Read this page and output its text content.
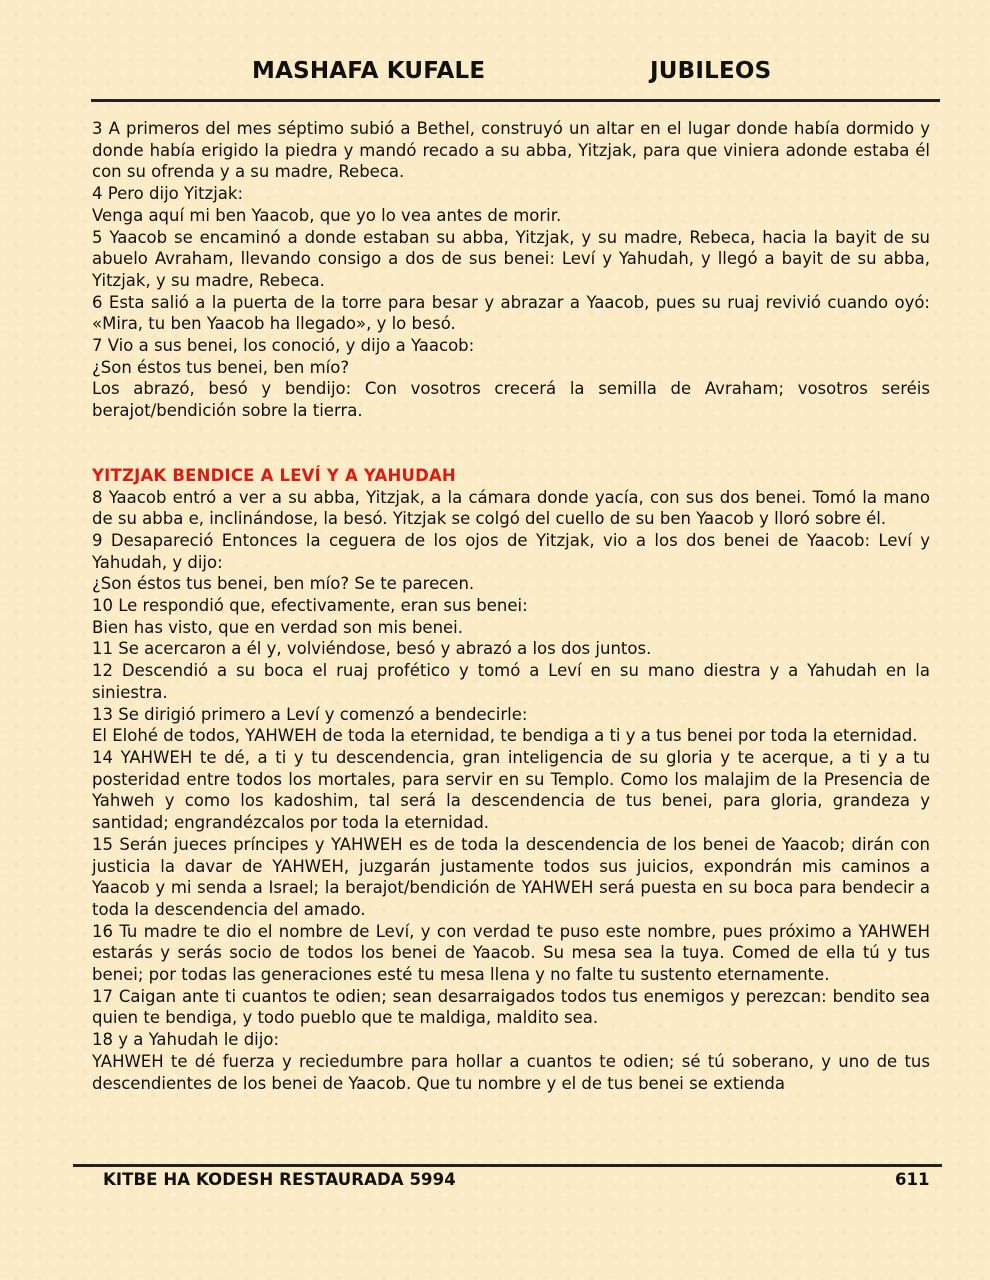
MASHAFA KUFALE	JUBILEOS

3 A primeros del mes séptimo subió a Bethel, construyó un altar en el lugar donde había dormido y donde había erigido la piedra y mandó recado a su abba, Yitzjak, para que viniera adonde estaba él con su ofrenda y a su madre, Rebeca.

4 Pero dijo Yitzjak:

Venga aquí mi ben Yaacob, que yo lo vea antes de morir.

5 Yaacob se encaminó a donde estaban su abba, Yitzjak, y su madre, Rebeca, hacia la bayit de su abuelo Avraham, llevando consigo a dos de sus benei: Leví y Yahudah, y llegó a bayit de su abba, Yitzjak, y su madre, Rebeca.

6 Esta salió a la puerta de la torre para besar y abrazar a Yaacob, pues su ruaj revivió cuando oyó: «Mira, tu ben Yaacob ha llegado», y lo besó.

7 Vio a sus benei, los conoció, y dijo a Yaacob:

¿Son éstos tus benei, ben mío?

Los abrazó, besó y bendijo: Con vosotros crecerá la semilla de Avraham; vosotros seréis berajot/bendición sobre la tierra.

YITZJAK BENDICE A LEVÍ Y A YAHUDAH

8 Yaacob entró a ver a su abba, Yitzjak, a la cámara donde yacía, con sus dos benei. Tomó la mano de su abba e, inclinándose, la besó. Yitzjak se colgó del cuello de su ben Yaacob y lloró sobre él.

9 Desapareció Entonces la ceguera de los ojos de Yitzjak, vio a los dos benei de Yaacob: Leví y Yahudah, y dijo:

¿Son éstos tus benei, ben mío? Se te parecen.

10 Le respondió que, efectivamente, eran sus benei:

Bien has visto, que en verdad son mis benei.

11 Se acercaron a él y, volviéndose, besó y abrazó a los dos juntos.

12 Descendió a su boca el ruaj profético y tomó a Leví en su mano diestra y a Yahudah en la siniestra.

13 Se dirigió primero a Leví y comenzó a bendecirle:

El Elohé de todos, YAHWEH de toda la eternidad, te bendiga a ti y a tus benei por toda la eternidad.

14 YAHWEH te dé, a ti y tu descendencia, gran inteligencia de su gloria y te acerque, a ti y a tu posteridad entre todos los mortales, para servir en su Templo. Como los malajim de la Presencia de Yahweh y como los kadoshim, tal será la descendencia de tus benei, para gloria, grandeza y santidad; engrandézcalos por toda la eternidad.

15 Serán jueces príncipes y YAHWEH es de toda la descendencia de los benei de Yaacob; dirán con justicia la davar de YAHWEH, juzgarán justamente todos sus juicios, expondrán mis caminos a Yaacob y mi senda a Israel; la berajot/bendición de YAHWEH será puesta en su boca para bendecir a toda la descendencia del amado.

16 Tu madre te dio el nombre de Leví, y con verdad te puso este nombre, pues próximo a YAHWEH estarás y serás socio de todos los benei de Yaacob. Su mesa sea la tuya. Comed de ella tú y tus benei; por todas las generaciones esté tu mesa llena y no falte tu sustento eternamente.

17 Caigan ante ti cuantos te odien; sean desarraigados todos tus enemigos y perezcan: bendito sea quien te bendiga, y todo pueblo que te maldiga, maldito sea.

18 y a Yahudah le dijo:

YAHWEH te dé fuerza y reciedumbre para hollar a cuantos te odien; sé tú soberano, y uno de tus descendientes de los benei de Yaacob. Que tu nombre y el de tus benei se extienda

KITBE HA KODESH RESTAURADA 5994	611
